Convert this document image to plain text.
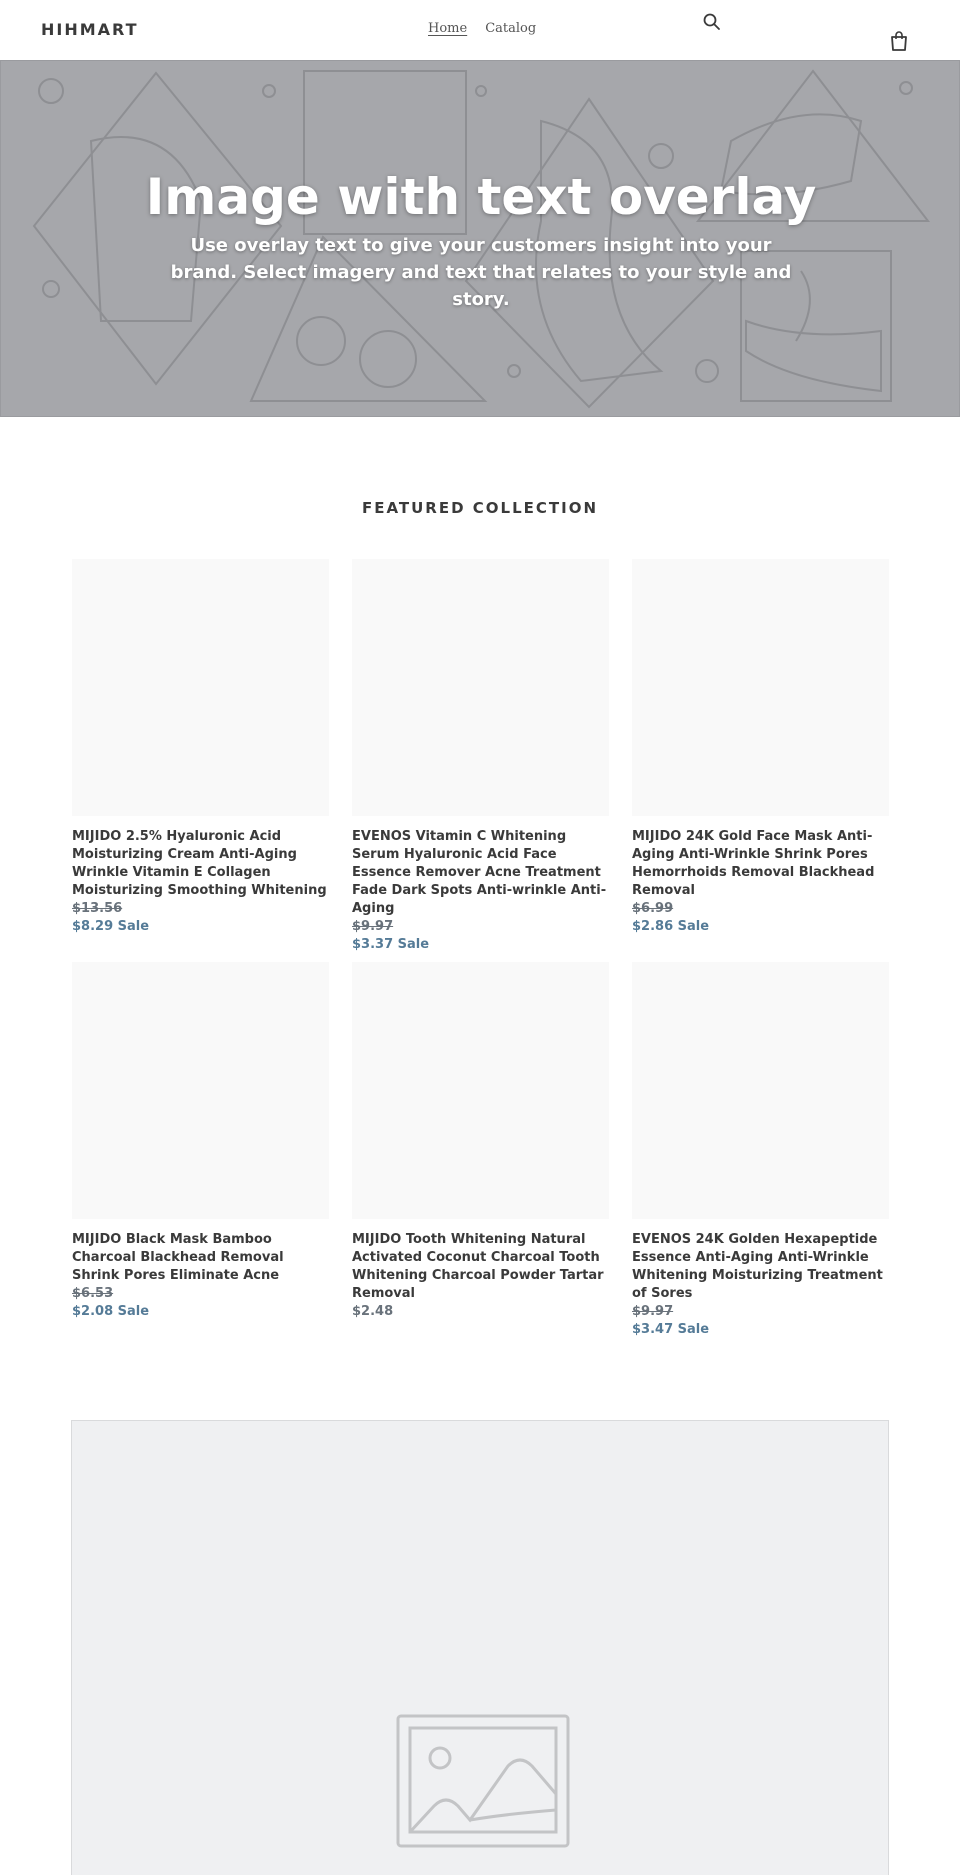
HIHMART	Home Catalog
Image with text overlay
Use overlay text to give your customers insight into your brand. Select imagery and text that relates to your style and story.
FEATURED COLLECTION
MIJIDO 2.5% Hyaluronic Acid Moisturizing Cream Anti-Aging Wrinkle Vitamin E Collagen Moisturizing Smoothing Whitening
$13.56
$8.29 Sale
EVENOS Vitamin C Whitening Serum Hyaluronic Acid Face Essence Remover Acne Treatment Fade Dark Spots Anti-wrinkle Anti-Aging
$9.97
$3.37 Sale
MIJIDO 24K Gold Face Mask Anti-Aging Anti-Wrinkle Shrink Pores Hemorrhoids Removal Blackhead Removal
$6.99
$2.86 Sale
MIJIDO Black Mask Bamboo Charcoal Blackhead Removal Shrink Pores Eliminate Acne
$6.53
$2.08 Sale
MIJIDO Tooth Whitening Natural Activated Coconut Charcoal Tooth Whitening Charcoal Powder Tartar Removal
$2.48
EVENOS 24K Golden Hexapeptide Essence Anti-Aging Anti-Wrinkle Whitening Moisturizing Treatment of Sores
$9.97
$3.47 Sale
